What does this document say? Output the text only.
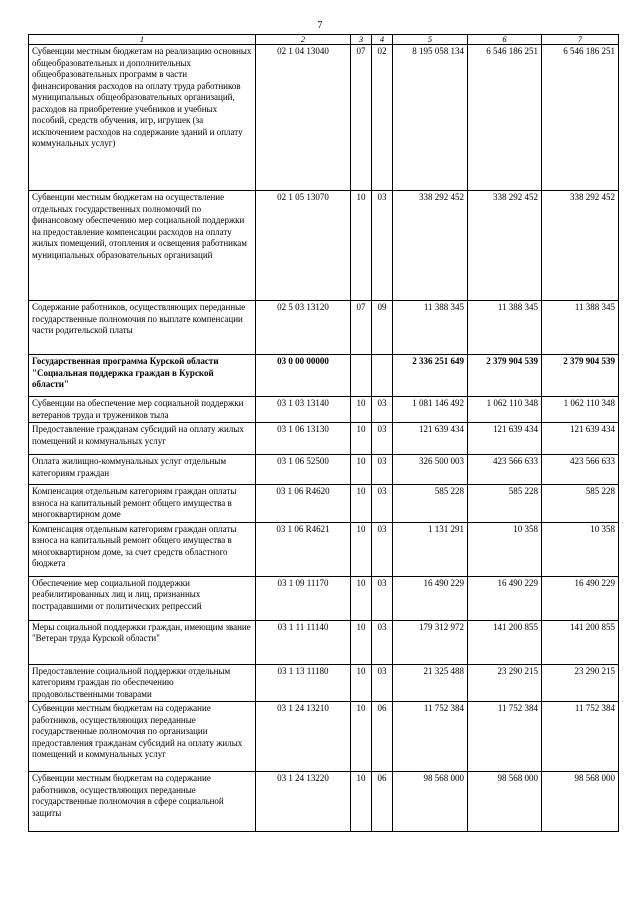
7
1	2	3	4	5	6	7
Субвенции местным бюджетам на реализацию основных общеобразовательных и дополнительных общеобразовательных программ в части финансирования расходов на оплату труда работников муниципальных общеобразовательных организаций, расходов на приобретение учебников и учебных пособий, средств обучения, игр, игрушек (за исключением расходов на содержание зданий и оплату коммунальных услуг)	02 1 04 13040	07	02	8 195 058 134	6 546 186 251	6 546 186 251
Субвенции местным бюджетам на осуществление отдельных государственных полномочий по финансовому обеспечению мер социальной поддержки на предоставление компенсации расходов на оплату жилых помещений, отопления и освещения работникам муниципальных образовательных организаций	02 1 05 13070	10	03	338 292 452	338 292 452	338 292 452
Содержание работников, осуществляющих переданные государственные полномочия по выплате компенсации части родительской платы	02 5 03 13120	07	09	11 388 345	11 388 345	11 388 345
Государственная программа Курской области "Социальная поддержка граждан в Курской области"	03 0 00 00000			2 336 251 649	2 379 904 539	2 379 904 539
Субвенции на обеспечение мер социальной поддержки ветеранов труда и тружеников тыла	03 1 03 13140	10	03	1 081 146 492	1 062 110 348	1 062 110 348
Предоставление гражданам субсидий на оплату жилых помещений и коммунальных услуг	03 1 06 13130	10	03	121 639 434	121 639 434	121 639 434
Оплата жилищно-коммунальных услуг отдельным категориям граждан	03 1 06 52500	10	03	326 500 003	423 566 633	423 566 633
Компенсация отдельным категориям граждан оплаты взноса на капитальный ремонт общего имущества в многоквартирном доме	03 1 06 R4620	10	03	585 228	585 228	585 228
Компенсация отдельным категориям граждан оплаты взноса на капитальный ремонт общего имущества в многоквартирном доме, за счет средств областного бюджета	03 1 06 R4621	10	03	1 131 291	10 358	10 358
Обеспечение мер социальной поддержки реабилитированных лиц и лиц, признанных пострадавшими от политических репрессий	03 1 09 11170	10	03	16 490 229	16 490 229	16 490 229
Меры социальной поддержки граждан, имеющим звание "Ветеран труда Курской области"	03 1 11 11140	10	03	179 312 972	141 200 855	141 200 855
Предоставление социальной поддержки отдельным категориям граждан по обеспечению продовольственными товарами	03 1 13 11180	10	03	21 325 488	23 290 215	23 290 215
Субвенции местным бюджетам на содержание работников, осуществляющих переданные государственные полномочия по организации предоставления гражданам субсидий на оплату жилых помещений и коммунальных услуг	03 1 24 13210	10	06	11 752 384	11 752 384	11 752 384
Субвенции местным бюджетам на содержание работников, осуществляющих переданные государственные полномочия в сфере социальной защиты	03 1 24 13220	10	06	98 568 000	98 568 000	98 568 000
